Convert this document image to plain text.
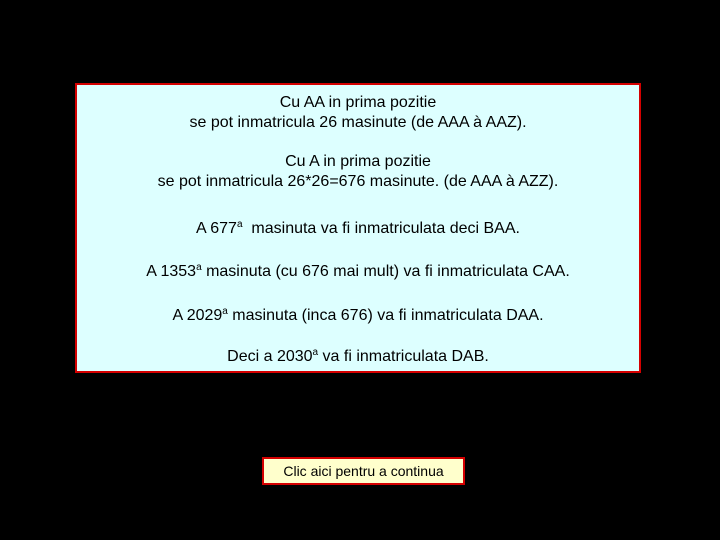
Cu AA in prima pozitie
se pot inmatricula 26 masinute (de AAA à AAZ).
Cu A in prima pozitie
se pot inmatricula 26*26=676 masinute. (de AAA à AZZ).
A 677$^a$  masinuta va fi inmatriculata deci BAA.
A 1353$^a$ masinuta (cu 676 mai mult) va fi inmatriculata CAA.
A 2029$^a$ masinuta (inca 676) va fi inmatriculata DAA.
Deci a 2030$^a$ va fi inmatriculata DAB.
Clic aici pentru a continua
